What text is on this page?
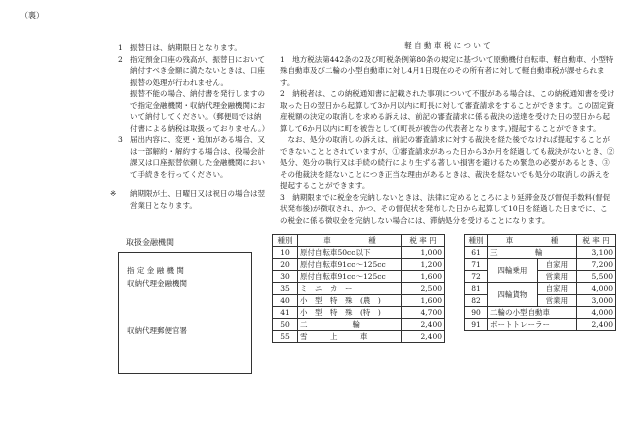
（裏）
1 振替日は、納期限日となります。
2 指定預金口座の残高が、振替日において納付すべき金額に満たないときは、口座振替の処理が行われません。
振替不能の場合、納付書を発行しますので指定金融機関・収納代理金融機関において納付してください。（郵便局では納付書による納税は取扱っておりません。）
3 届出内容に、変更・追加がある場合、又は一部解約・解約する場合は、役場会計課又は口座振替依頼した金融機関において手続きを行ってください。
※	納期限が土、日曜日又は祝日の場合は翌営業日となります。
軽 自 動 車 税 に つ い て

1　地方税法第442条の2及び町税条例第80条の規定に基づいて原動機付自転車、軽自動車、小型特殊自動車及び二輪の小型自動車に対し4月1日現在のその所有者に対して軽自動車税が課せられます。

2　納税者は、この納税通知書に記載された事項について不服がある場合は、この納税通知書を受け取った日の翌日から起算して3か月以内に町長に対して審査請求をすることができます。この固定資産税額の決定の取消しを求める訴えは、前記の審査請求に係る裁決の送達を受けた日の翌日から起算して6か月以内に町を被告として(町長が被告の代表者となります。)提起することができます。

　なお、処分の取消しの訴えは、前記の審査請求に対する裁決を経た後でなければ提起することができないこととされていますが、①審査請求があった日から3か月を経過しても裁決がないとき、②処分、処分の執行又は手続の続行により生ずる著しい損害を避けるため緊急の必要があるとき、③その他裁決を経ないことにつき正当な理由があるときは、裁決を経ないでも処分の取消しの訴えを提起することができます。

3　納期限までに税金を完納しないときは、法律に定めるところにより延滞金及び督促手数料(督促状発布後)が徴収され、かつ、その督促状を発布した日から起算して10日を経過した日までに、この税金に係る徴収金を完納しない場合には、滞納処分を受けることになります。

取扱金融機関
指 定 金 融 機 関
収納代理金融機関
収納代理郵便官署
種別	車　　　　　種	税 率 円
10	原付自転車50cc以下	1,000
20	原付自転車91cc～125cc	1,200
30	原付自転車91cc～125cc	1,600
35	ミ　ニ　カ　ー	2,500
40	小　型　特　殊　(農　)	1,600
41	小　型　特　殊　(特　)	4,700
50	二　　　　　　輪	2,400
55	雪　　　上　　　車	2,400
種別	車　　　　　種		税 率 円
61	三　　　　　輪		3,100
71	四輪乗用	自家用	7,200
72		営業用	5,500
81	四輪貨物	自家用	4,000
82		営業用	3,000
90	二輪の小型自動車		4,000
91	ボートトレーラー		2,400
